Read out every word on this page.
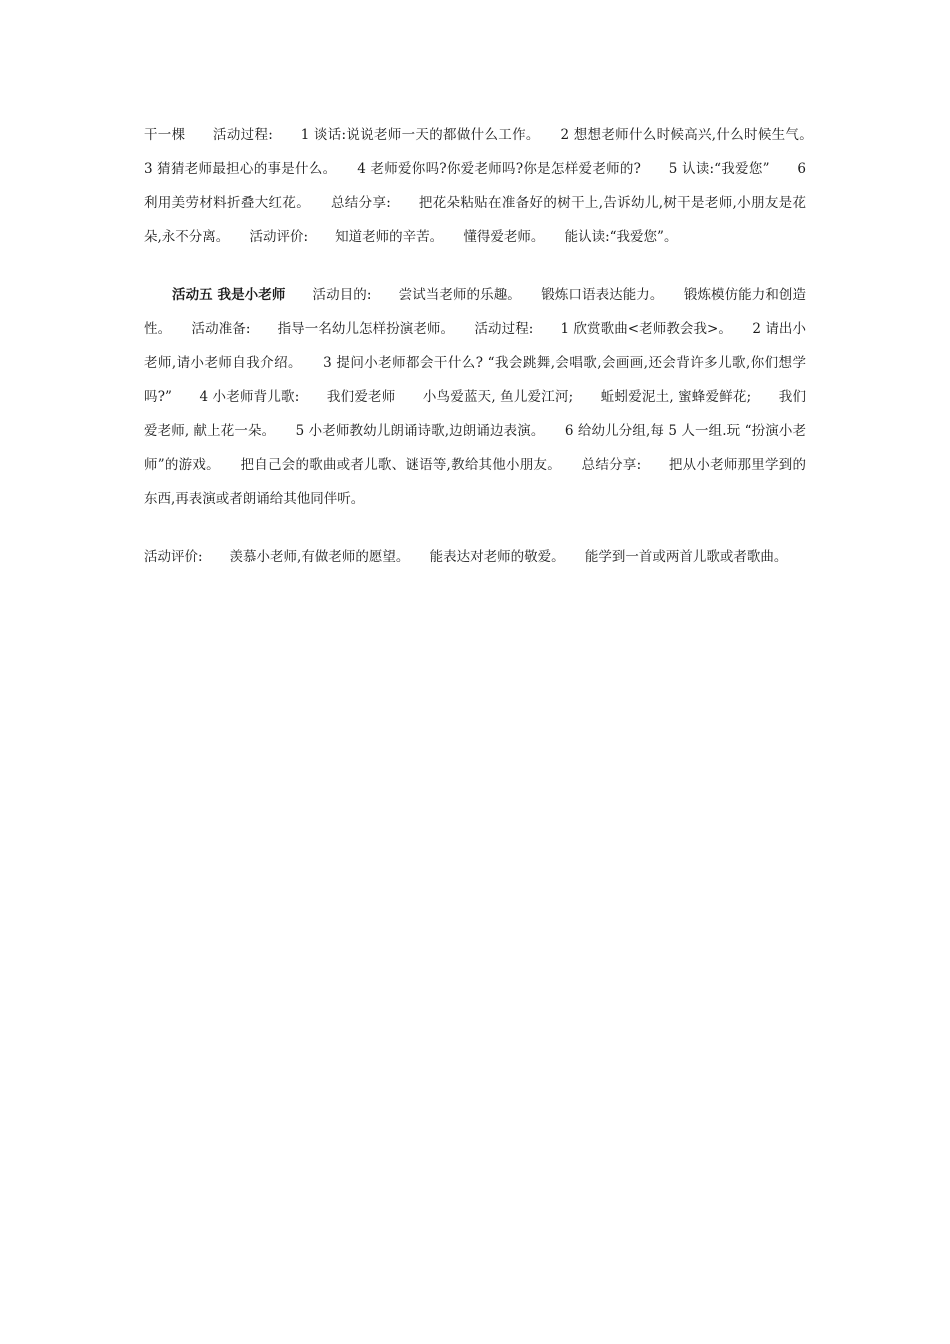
干一棵　　活动过程:　　1 谈话:说说老师一天的都做什么工作。　　2 想想老师什么时候高兴,什么时候生气。　　3 猜猜老师最担心的事是什么。　　4 老师爱你吗?你爱老师吗?你是怎样爱老师的?　　5 认读:“我爱您”　　6 利用美劳材料折叠大红花。　　总结分享:　　把花朵粘贴在准备好的树干上,告诉幼儿,树干是老师,小朋友是花朵,永不分离。　　活动评价:　　知道老师的辛苦。　　懂得爱老师。　　能认读:“我爱您”。

活动五 我是小老师　　活动目的:　　尝试当老师的乐趣。　　锻炼口语表达能力。　　锻炼模仿能力和创造性。　　活动准备:　　指导一名幼儿怎样扮演老师。　　活动过程:　　1 欣赏歌曲<老师教会我>。　　2 请出小老师,请小老师自我介绍。　　3 提问小老师都会干什么? “我会跳舞,会唱歌,会画画,还会背许多儿歌,你们想学吗?”　　4 小老师背儿歌:　　我们爱老师　　小鸟爱蓝天, 鱼儿爱江河;　　蚯蚓爱泥土, 蜜蜂爱鲜花;　　我们爱老师, 献上花一朵。　　5 小老师教幼儿朗诵诗歌,边朗诵边表演。　　6 给幼儿分组,每 5 人一组.玩 “扮演小老师”的游戏。　　把自己会的歌曲或者儿歌、谜语等,教给其他小朋友。　　总结分享:　　把从小老师那里学到的东西,再表演或者朗诵给其他同伴听。

活动评价:　　羡慕小老师,有做老师的愿望。　　能表达对老师的敬爱。　　能学到一首或两首儿歌或者歌曲。
